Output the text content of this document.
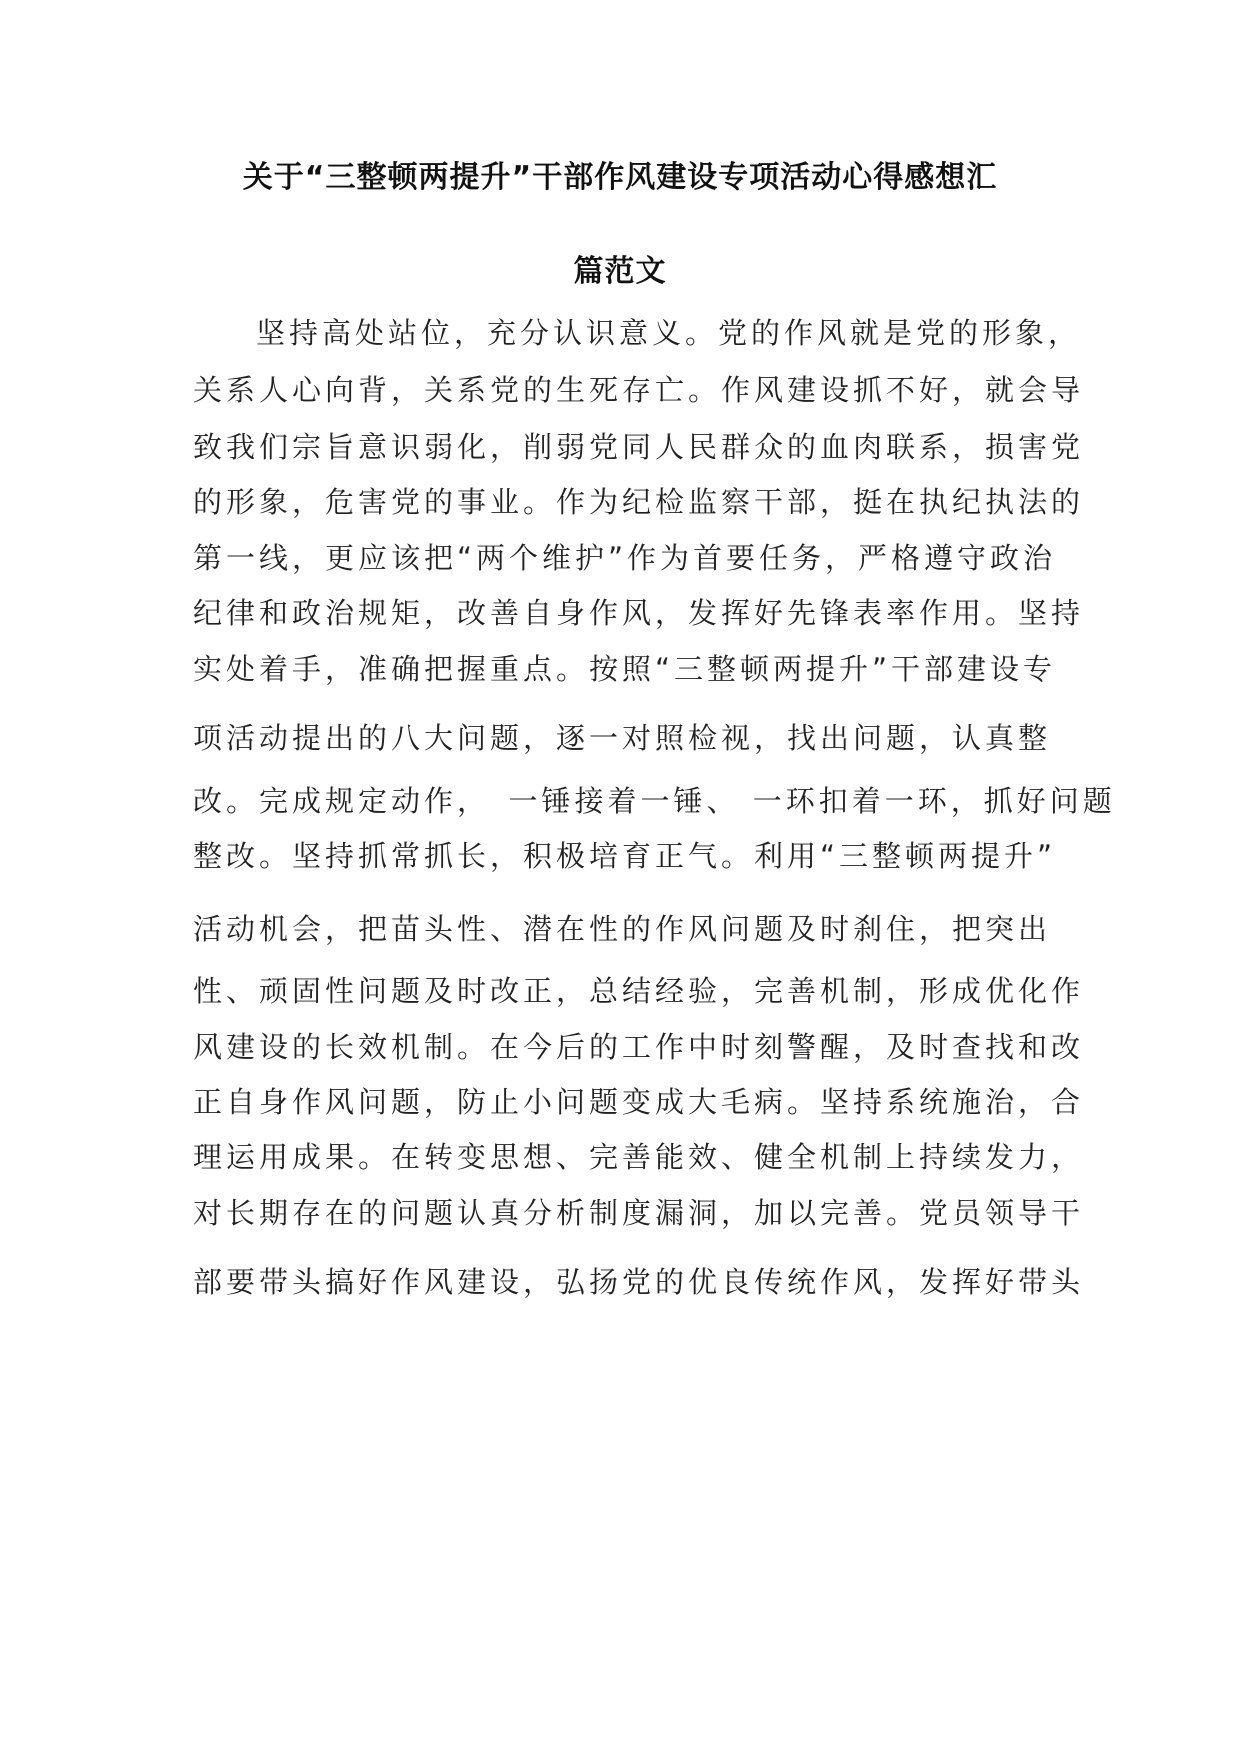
关于“三整顿两提升”干部作风建设专项活动心得感想汇
篇范文
坚持高处站位，充分认识意义。党的作风就是党的形象，
关系人心向背，关系党的生死存亡。作风建设抓不好，就会导
致我们宗旨意识弱化，削弱党同人民群众的血肉联系，损害党
的形象，危害党的事业。作为纪检监察干部，挺在执纪执法的
第一线，更应该把“两个维护”作为首要任务，严格遵守政治
纪律和政治规矩，改善自身作风，发挥好先锋表率作用。坚持
实处着手，准确把握重点。按照“三整顿两提升”干部建设专
项活动提出的八大问题，逐一对照检视，找出问题，认真整
改。完成规定动作，　一锤接着一锤、 一环扣着一环，抓好问题
整改。坚持抓常抓长，积极培育正气。利用“三整顿两提升”
活动机会，把苗头性、潜在性的作风问题及时刹住，把突出
性、顽固性问题及时改正，总结经验，完善机制，形成优化作
风建设的长效机制。在今后的工作中时刻警醒，及时查找和改
正自身作风问题，防止小问题变成大毛病。坚持系统施治，合
理运用成果。在转变思想、完善能效、健全机制上持续发力，
对长期存在的问题认真分析制度漏洞，加以完善。党员领导干
部要带头搞好作风建设，弘扬党的优良传统作风，发挥好带头
